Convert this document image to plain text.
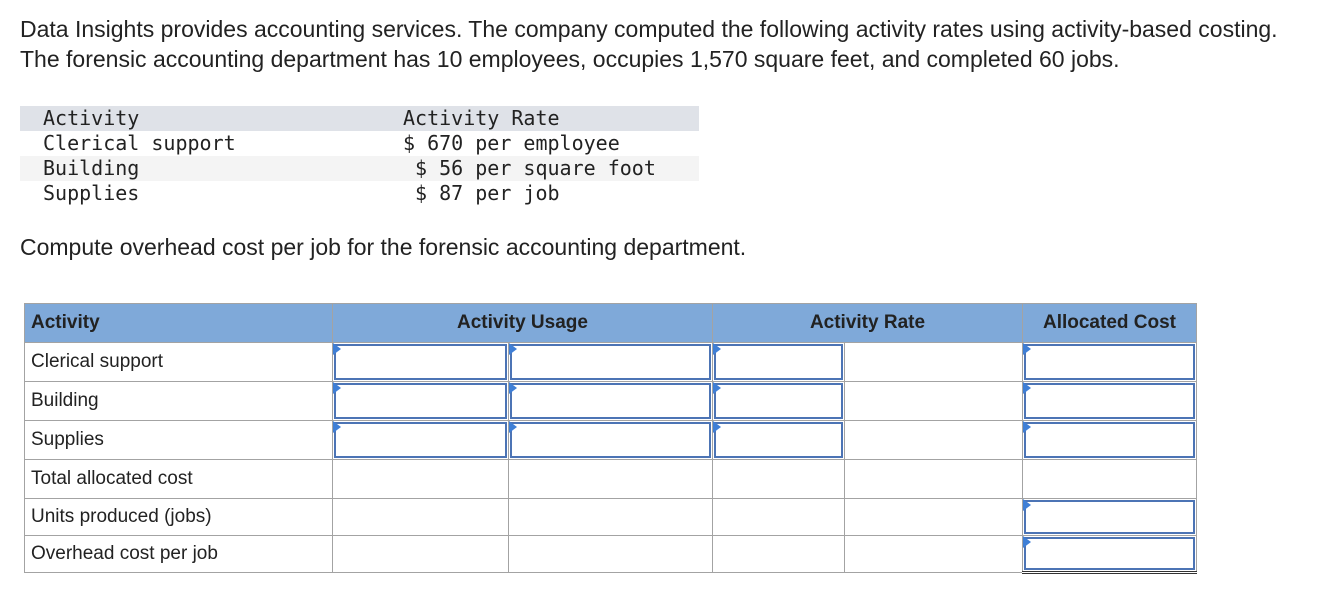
Data Insights provides accounting services. The company computed the following activity rates using activity-based costing. The forensic accounting department has 10 employees, occupies 1,570 square feet, and completed 60 jobs.
Activity	Activity Rate
Clerical support	$ 670 per employee
Building	$ 56 per square foot
Supplies	$ 87 per job
Compute overhead cost per job for the forensic accounting department.
Activity	Activity Usage		Activity Rate		Allocated Cost
Clerical support	

Building	

Supplies	

Total allocated cost					
Units produced (jobs)					

Overhead cost per job					
